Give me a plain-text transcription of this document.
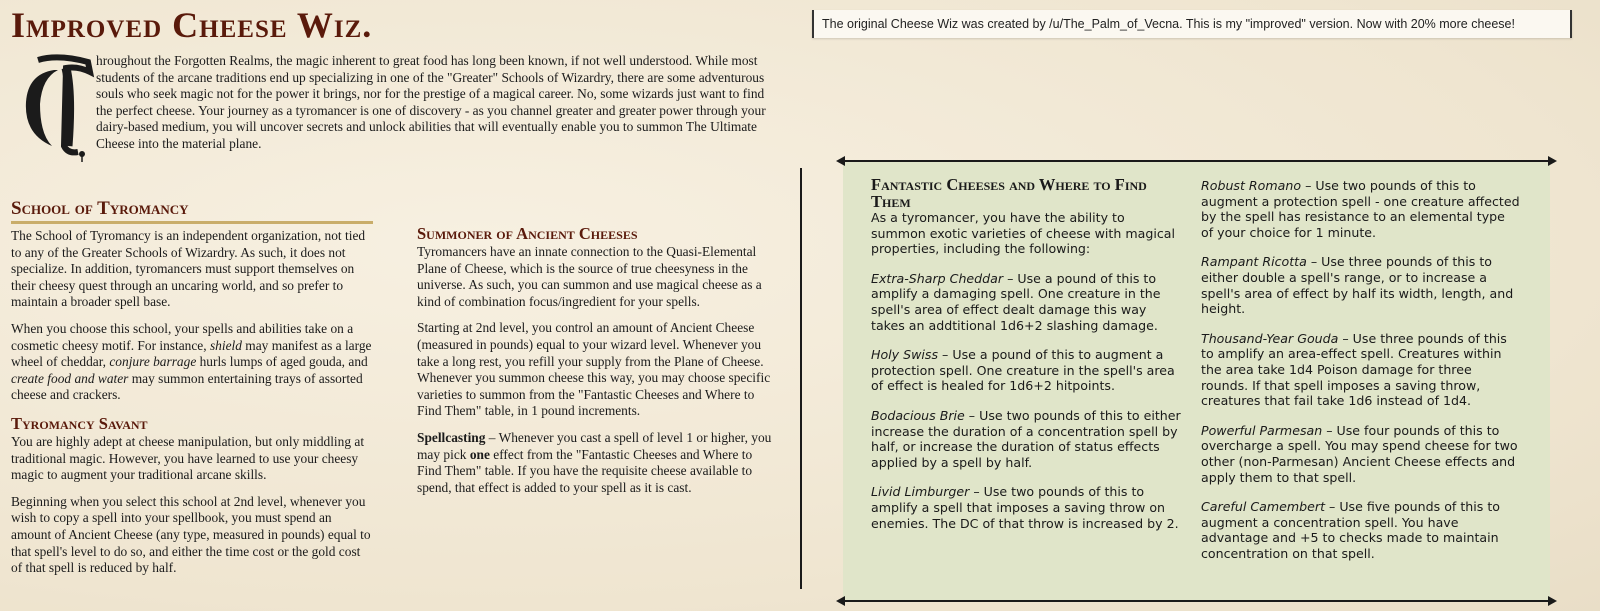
Improved Cheese Wiz.	The original Cheese Wiz was created by /u/The_Palm_of_Vecna. This is my "improved" version. Now with 20% more cheese!
T

hroughout the Forgotten Realms, the magic inherent to great food has long been known, if not well understood. While most students of the arcane traditions end up specializing in one of the "Greater" Schools of Wizardry, there are some adventurous souls who seek magic not for the power it brings, nor for the prestige of a magical career. No, some wizards just want to find the perfect cheese. Your journey as a tyromancer is one of discovery - as you channel greater and greater power through your dairy-based medium, you will uncover secrets and unlock abilities that will eventually enable you to summon The Ultimate Cheese into the material plane.

School of Tyromancy

The School of Tyromancy is an independent organization, not tied to any of the Greater Schools of Wizardry. As such, it does not specialize. In addition, tyromancers must support themselves on their cheesy quest through an uncaring world, and so prefer to maintain a broader spell base.

When you choose this school, your spells and abilities take on a cosmetic cheesy motif. For instance, shield may manifest as a large wheel of cheddar, conjure barrage hurls lumps of aged gouda, and create food and water may summon entertaining trays of assorted cheese and crackers.

Tyromancy Savant

You are highly adept at cheese manipulation, but only middling at traditional magic. However, you have learned to use your cheesy magic to augment your traditional arcane skills.

Beginning when you select this school at 2nd level, whenever you wish to copy a spell into your spellbook, you must spend an amount of Ancient Cheese (any type, measured in pounds) equal to that spell's level to do so, and either the time cost or the gold cost of that spell is reduced by half.

Summoner of Ancient Cheeses

Tyromancers have an innate connection to the Quasi-Elemental Plane of Cheese, which is the source of true cheesyness in the universe. As such, you can summon and use magical cheese as a kind of combination focus/ingredient for your spells.

Starting at 2nd level, you control an amount of Ancient Cheese (measured in pounds) equal to your wizard level. Whenever you take a long rest, you refill your supply from the Plane of Cheese. Whenever you summon cheese this way, you may choose specific varieties to summon from the "Fantastic Cheeses and Where to Find Them" table, in 1 pound increments.

Spellcasting – Whenever you cast a spell of level 1 or higher, you may pick one effect from the "Fantastic Cheeses and Where to Find Them" table. If you have the requisite cheese available to spend, that effect is added to your spell as it is cast.

Fantastic Cheeses and Where to Find Them

As a tyromancer, you have the ability to summon exotic varieties of cheese with magical properties, including the following:

Extra-Sharp Cheddar – Use a pound of this to amplify a damaging spell. One creature in the spell's area of effect dealt damage this way takes an addtitional 1d6+2 slashing damage.

Holy Swiss – Use a pound of this to augment a protection spell. One creature in the spell's area of effect is healed for 1d6+2 hitpoints.

Bodacious Brie – Use two pounds of this to either increase the duration of a concentration spell by half, or increase the duration of status effects applied by a spell by half.

Livid Limburger – Use two pounds of this to amplify a spell that imposes a saving throw on enemies. The DC of that throw is increased by 2.

Robust Romano – Use two pounds of this to augment a protection spell - one creature affected by the spell has resistance to an elemental type of your choice for 1 minute.

Rampant Ricotta – Use three pounds of this to either double a spell's range, or to increase a spell's area of effect by half its width, length, and height.

Thousand-Year Gouda – Use three pounds of this to amplify an area-effect spell. Creatures within the area take 1d4 Poison damage for three rounds. If that spell imposes a saving throw, creatures that fail take 1d6 instead of 1d4.

Powerful Parmesan – Use four pounds of this to overcharge a spell. You may spend cheese for two other (non-Parmesan) Ancient Cheese effects and apply them to that spell.

Careful Camembert – Use five pounds of this to augment a concentration spell. You have advantage and +5 to checks made to maintain concentration on that spell.
